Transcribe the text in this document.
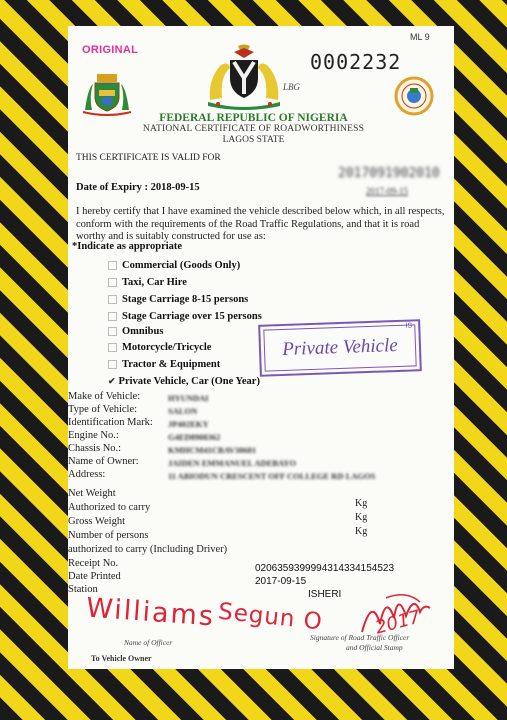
ORIGINAL
ML 9
0002232
LBG
FEDERAL REPUBLIC OF NIGERIA
NATIONAL CERTIFICATE OF ROADWORTHINESS
LAGOS STATE
THIS CERTIFICATE IS VALID FOR
2017091902010
2017-09-15
Date of Expiry : 2018-09-15
I hereby certify that I have examined the vehicle described below which, in all respects, conform with the requirements of the Road Traffic Regulations, and that it is road worthy and is suitably constructed for use as:
*Indicate as appropriate
Commercial (Goods Only)
Taxi, Car Hire
Stage Carriage 8-15 persons
Stage Carriage over 15 persons
Omnibus
Motorcycle/Tricycle
Tractor & Equipment
✔ Private Vehicle, Car (One Year)
Private Vehicle
IS
Make of Vehicle:	HYUNDAI
Type of Vehicle:	SALON
Identification Mark: JP402EKY
Engine No.:	G4ED8908362
Chassis No.:	KMHCM41CBAV30681
Name of Owner:	JAIDEN EMMANUEL ADEBAYO
Address:	11 ABIODUN CRESCENT OFF COLLEGE RD LAGOS
Net Weight
Kg
Authorized to carry
Kg
Gross Weight
Kg
Number of persons
authorized to carry (Including Driver)
Receipt No.	0206359399994314334154523
Date Printed	2017-09-15
Station	ISHERI
Williams Segun O	2017
Name of Officer
Signature of Road Traffic Officer
and Official Stamp
To Vehicle Owner
